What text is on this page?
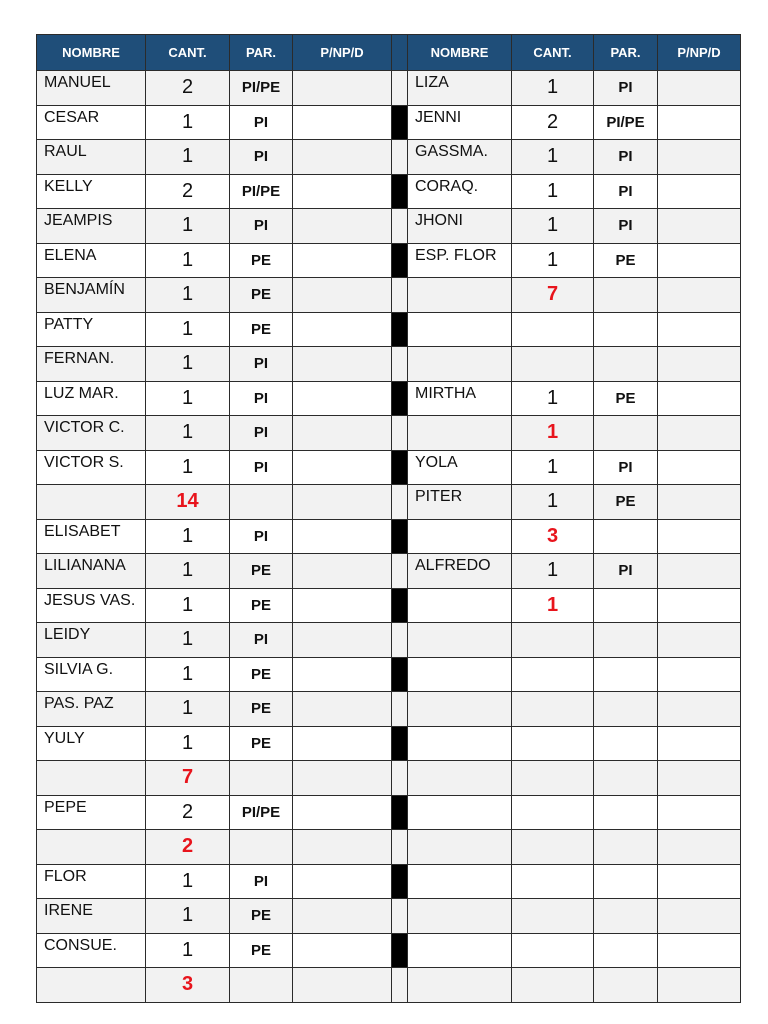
NOMBRE	CANT.	PAR.	P/NP/D		NOMBRE	CANT.	PAR.	P/NP/D
MANUEL	2	PI/PE			LIZA	1	PI	
CESAR	1	PI			JENNI	2	PI/PE	
RAUL	1	PI			GASSMA.	1	PI	
KELLY	2	PI/PE			CORAQ.	1	PI	
JEAMPIS	1	PI			JHONI	1	PI	
ELENA	1	PE			ESP. FLOR	1	PE	
BENJAMÍN	1	PE				7		
PATTY	1	PE						
FERNAN.	1	PI						
LUZ MAR.	1	PI			MIRTHA	1	PE	
VICTOR C.	1	PI				1		
VICTOR S.	1	PI			YOLA	1	PI	
	14				PITER	1	PE	
ELISABET	1	PI				3		
LILIANANA	1	PE			ALFREDO	1	PI	
JESUS VAS.	1	PE				1		
LEIDY	1	PI						
SILVIA G.	1	PE						
PAS. PAZ	1	PE						
YULY	1	PE						
	7							
PEPE	2	PI/PE						
	2							
FLOR	1	PI						
IRENE	1	PE						
CONSUE.	1	PE						
	3							
